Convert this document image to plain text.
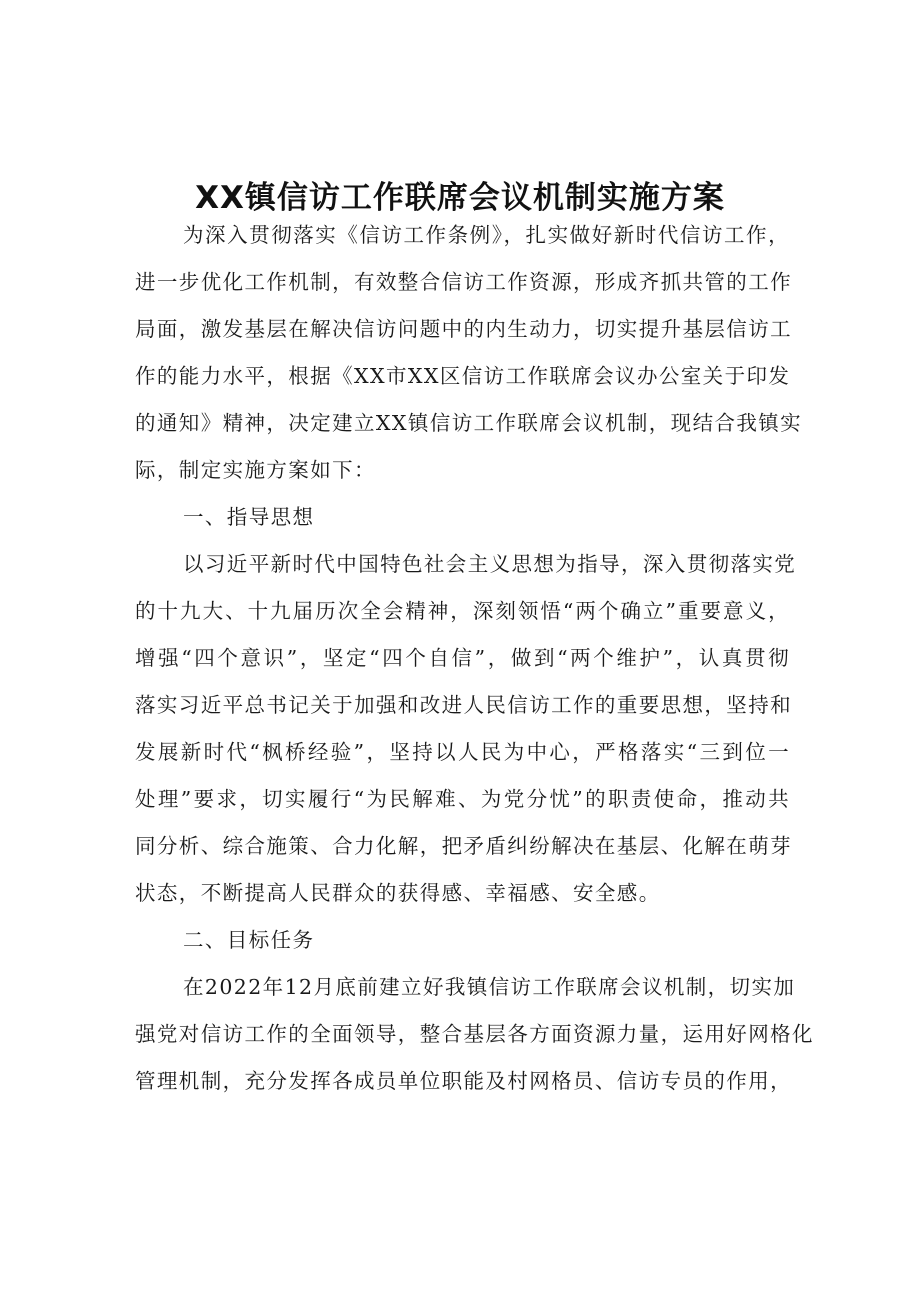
XX镇信访工作联席会议机制实施方案

为深入贯彻落实《信访工作条例》，扎实做好新时代信访工作，
进一步优化工作机制，有效整合信访工作资源，形成齐抓共管的工作
局面，激发基层在解决信访问题中的内生动力，切实提升基层信访工
作的能力水平，根据《XX市XX区信访工作联席会议办公室关于印发
的通知》精神，决定建立XX镇信访工作联席会议机制，现结合我镇实
际，制定实施方案如下：

一、指导思想

以习近平新时代中国特色社会主义思想为指导，深入贯彻落实党
的十九大、十九届历次全会精神，深刻领悟“两个确立”重要意义，
增强“四个意识”，坚定“四个自信”，做到“两个维护”，认真贯彻
落实习近平总书记关于加强和改进人民信访工作的重要思想，坚持和
发展新时代“枫桥经验”，坚持以人民为中心，严格落实“三到位一
处理”要求，切实履行“为民解难、为党分忧”的职责使命，推动共
同分析、综合施策、合力化解，把矛盾纠纷解决在基层、化解在萌芽
状态，不断提高人民群众的获得感、幸福感、安全感。

二、目标任务

在2022年12月底前建立好我镇信访工作联席会议机制，切实加
强党对信访工作的全面领导，整合基层各方面资源力量，运用好网格化
管理机制，充分发挥各成员单位职能及村网格员、信访专员的作用，
